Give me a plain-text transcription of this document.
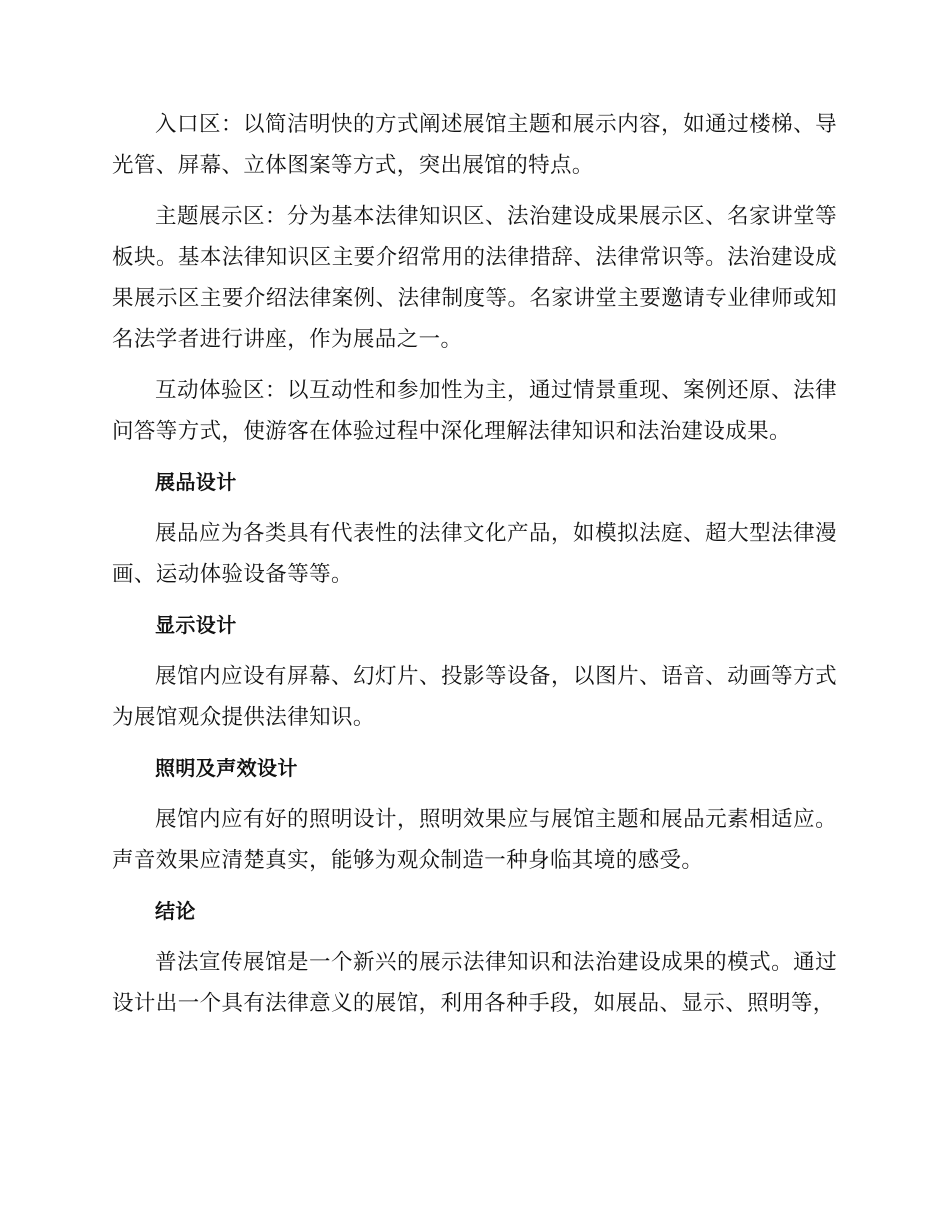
入口区：以简洁明快的方式阐述展馆主题和展示内容，如通过楼梯、导光管、屏幕、立体图案等方式，突出展馆的特点。

主题展示区：分为基本法律知识区、法治建设成果展示区、名家讲堂等板块。基本法律知识区主要介绍常用的法律措辞、法律常识等。法治建设成果展示区主要介绍法律案例、法律制度等。名家讲堂主要邀请专业律师或知名法学者进行讲座，作为展品之一。

互动体验区：以互动性和参加性为主，通过情景重现、案例还原、法律问答等方式，使游客在体验过程中深化理解法律知识和法治建设成果。

展品设计

展品应为各类具有代表性的法律文化产品，如模拟法庭、超大型法律漫画、运动体验设备等等。

显示设计

展馆内应设有屏幕、幻灯片、投影等设备，以图片、语音、动画等方式为展馆观众提供法律知识。

照明及声效设计

展馆内应有好的照明设计，照明效果应与展馆主题和展品元素相适应。声音效果应清楚真实，能够为观众制造一种身临其境的感受。

结论

普法宣传展馆是一个新兴的展示法律知识和法治建设成果的模式。通过设计出一个具有法律意义的展馆，利用各种手段，如展品、显示、照明等，
